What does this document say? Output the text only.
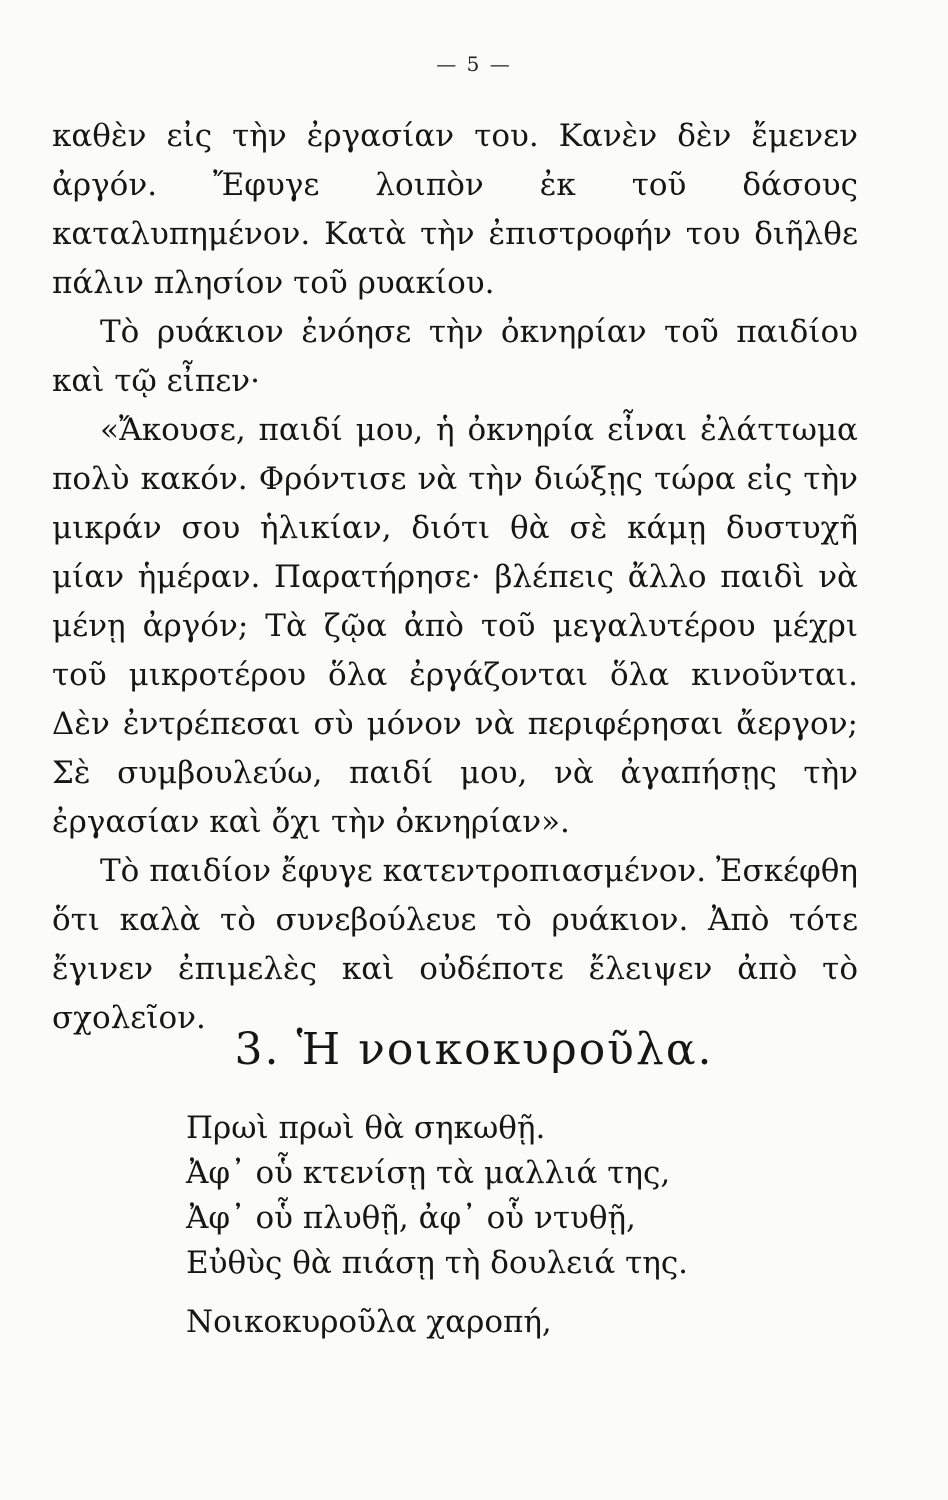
— 5 —

καθὲν εἰς τὴν ἐργασίαν του. Κανὲν δὲν ἔμενεν ἀργόν. Ἔφυγε λοιπὸν ἐκ τοῦ δάσους καταλυπημένον. Κατὰ τὴν ἐπιστροφήν του διῆλθε πάλιν πλησίον τοῦ ρυακίου.

Τὸ ρυάκιον ἐνόησε τὴν ὀκνηρίαν τοῦ παιδίου καὶ τῷ εἶπεν·

«Ἄκουσε, παιδί μου, ἡ ὀκνηρία εἶναι ἐλάττωμα πολὺ κακόν. Φρόντισε νὰ τὴν διώξῃς τώρα εἰς τὴν μικράν σου ἡλικίαν, διότι θὰ σὲ κάμῃ δυστυχῆ μίαν ἡμέραν. Παρατήρησε· βλέπεις ἄλλο παιδὶ νὰ μένῃ ἀργόν; Τὰ ζῷα ἀπὸ τοῦ μεγαλυτέρου μέχρι τοῦ μικροτέρου ὅλα ἐργάζονται ὅλα κινοῦνται. Δὲν ἐντρέπεσαι σὺ μόνον νὰ περιφέρησαι ἄεργον; Σὲ συμβουλεύω, παιδί μου, νὰ ἀγαπήσῃς τὴν ἐργασίαν καὶ ὄχι τὴν ὀκνηρίαν».

Τὸ παιδίον ἔφυγε κατεντροπιασμένον. Ἐσκέφθη ὅτι καλὰ τὸ συνεβούλευε τὸ ρυάκιον. Ἀπὸ τότε ἔγινεν ἐπιμελὲς καὶ οὐδέποτε ἔλειψεν ἀπὸ τὸ σχολεῖον.

3. Ἡ νοικοκυροῦλα.
Πρωὶ πρωὶ θὰ σηκωθῇ.
Ἀφ᾽ οὗ κτενίσῃ τὰ μαλλιά της,
Ἀφ᾽ οὗ πλυθῇ, ἀφ᾽ οὗ ντυθῇ,
Εὐθὺς θὰ πιάσῃ τὴ δουλειά της.
Νοικοκυροῦλα χαροπή,
